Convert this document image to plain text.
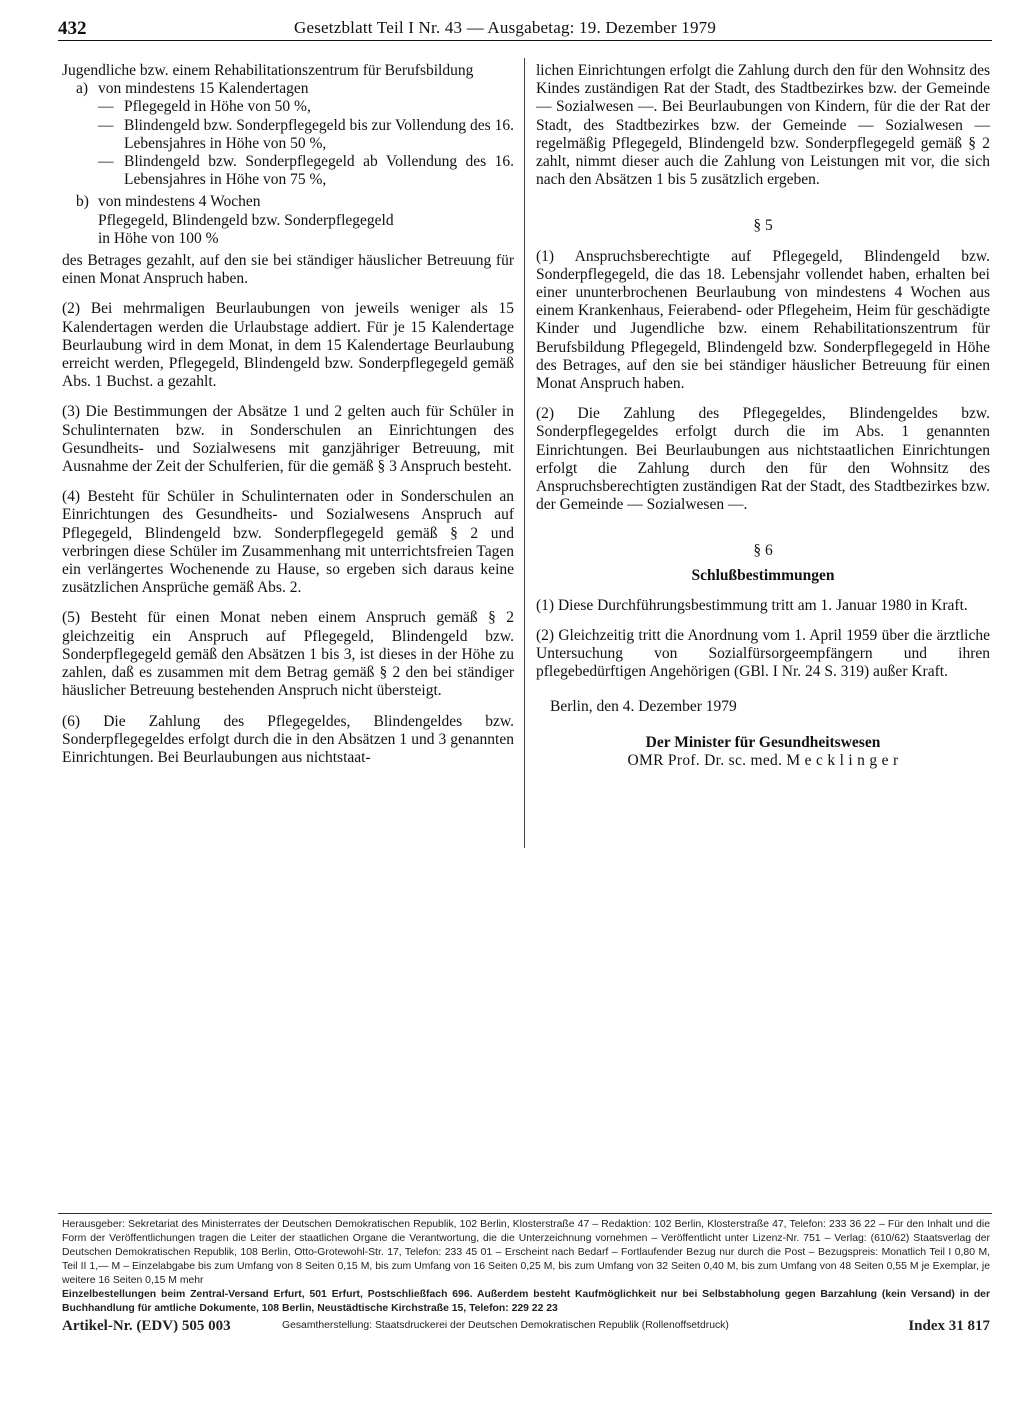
432	Gesetzblatt Teil I Nr. 43 — Ausgabetag: 19. Dezember 1979

Jugendliche bzw. einem Rehabilitationszentrum für Berufsbildung

a) von mindestens 15 Kalendertagen
— Pflegegeld in Höhe von 50 %,
— Blindengeld bzw. Sonderpflegegeld bis zur Vollendung des 16. Lebensjahres in Höhe von 50 %,
— Blindengeld bzw. Sonderpflegegeld ab Vollendung des 16. Lebensjahres in Höhe von 75 %,
b) von mindestens 4 Wochen

Pflegegeld, Blindengeld bzw. Sonderpflegegeld

in Höhe von 100 %

des Betrages gezahlt, auf den sie bei ständiger häuslicher Betreuung für einen Monat Anspruch haben.

(2) Bei mehrmaligen Beurlaubungen von jeweils weniger als 15 Kalendertagen werden die Urlaubstage addiert. Für je 15 Kalendertage Beurlaubung wird in dem Monat, in dem 15 Kalendertage Beurlaubung erreicht werden, Pflegegeld, Blindengeld bzw. Sonderpflegegeld gemäß Abs. 1 Buchst. a gezahlt.

(3) Die Bestimmungen der Absätze 1 und 2 gelten auch für Schüler in Schulinternaten bzw. in Sonderschulen an Einrichtungen des Gesundheits- und Sozialwesens mit ganzjähriger Betreuung, mit Ausnahme der Zeit der Schulferien, für die gemäß § 3 Anspruch besteht.

(4) Besteht für Schüler in Schulinternaten oder in Sonderschulen an Einrichtungen des Gesundheits- und Sozialwesens Anspruch auf Pflegegeld, Blindengeld bzw. Sonderpflegegeld gemäß § 2 und verbringen diese Schüler im Zusammenhang mit unterrichtsfreien Tagen ein verlängertes Wochenende zu Hause, so ergeben sich daraus keine zusätzlichen Ansprüche gemäß Abs. 2.

(5) Besteht für einen Monat neben einem Anspruch gemäß § 2 gleichzeitig ein Anspruch auf Pflegegeld, Blindengeld bzw. Sonderpflegegeld gemäß den Absätzen 1 bis 3, ist dieses in der Höhe zu zahlen, daß es zusammen mit dem Betrag gemäß § 2 den bei ständiger häuslicher Betreuung bestehenden Anspruch nicht übersteigt.

(6) Die Zahlung des Pflegegeldes, Blindengeldes bzw. Sonderpflegegeldes erfolgt durch die in den Absätzen 1 und 3 genannten Einrichtungen. Bei Beurlaubungen aus nichtstaat-

lichen Einrichtungen erfolgt die Zahlung durch den für den Wohnsitz des Kindes zuständigen Rat der Stadt, des Stadtbezirkes bzw. der Gemeinde — Sozialwesen —. Bei Beurlaubungen von Kindern, für die der Rat der Stadt, des Stadtbezirkes bzw. der Gemeinde — Sozialwesen — regelmäßig Pflegegeld, Blindengeld bzw. Sonderpflegegeld gemäß § 2 zahlt, nimmt dieser auch die Zahlung von Leistungen mit vor, die sich nach den Absätzen 1 bis 5 zusätzlich ergeben.

§ 5

(1) Anspruchsberechtigte auf Pflegegeld, Blindengeld bzw. Sonderpflegegeld, die das 18. Lebensjahr vollendet haben, erhalten bei einer ununterbrochenen Beurlaubung von mindestens 4 Wochen aus einem Krankenhaus, Feierabend- oder Pflegeheim, Heim für geschädigte Kinder und Jugendliche bzw. einem Rehabilitationszentrum für Berufsbildung Pflegegeld, Blindengeld bzw. Sonderpflegegeld in Höhe des Betrages, auf den sie bei ständiger häuslicher Betreuung für einen Monat Anspruch haben.

(2) Die Zahlung des Pflegegeldes, Blindengeldes bzw. Sonderpflegegeldes erfolgt durch die im Abs. 1 genannten Einrichtungen. Bei Beurlaubungen aus nichtstaatlichen Einrichtungen erfolgt die Zahlung durch den für den Wohnsitz des Anspruchsberechtigten zuständigen Rat der Stadt, des Stadtbezirkes bzw. der Gemeinde — Sozialwesen —.

§ 6

Schlußbestimmungen

(1) Diese Durchführungsbestimmung tritt am 1. Januar 1980 in Kraft.

(2) Gleichzeitig tritt die Anordnung vom 1. April 1959 über die ärztliche Untersuchung von Sozialfürsorgeempfängern und ihren pflegebedürftigen Angehörigen (GBl. I Nr. 24 S. 319) außer Kraft.

Berlin, den 4. Dezember 1979

Der Minister für Gesundheitswesen

OMR Prof. Dr. sc. med. M e c k l i n g e r

Herausgeber: Sekretariat des Ministerrates der Deutschen Demokratischen Republik, 102 Berlin, Klosterstraße 47 – Redaktion: 102 Berlin, Klosterstraße 47, Telefon: 233 36 22 – Für den Inhalt und die Form der Veröffentlichungen tragen die Leiter der staatlichen Organe die Verantwortung, die die Unterzeichnung vornehmen – Veröffentlicht unter Lizenz-Nr. 751 – Verlag: (610/62) Staatsverlag der Deutschen Demokratischen Republik, 108 Berlin, Otto-Grotewohl-Str. 17, Telefon: 233 45 01 – Erscheint nach Bedarf – Fortlaufender Bezug nur durch die Post – Bezugspreis: Monatlich Teil I 0,80 M, Teil II 1,— M – Einzelabgabe bis zum Umfang von 8 Seiten 0,15 M, bis zum Umfang von 16 Seiten 0,25 M, bis zum Umfang von 32 Seiten 0,40 M, bis zum Umfang von 48 Seiten 0,55 M je Exemplar, je weitere 16 Seiten 0,15 M mehr

Einzelbestellungen beim Zentral-Versand Erfurt, 501 Erfurt, Postschließfach 696. Außerdem besteht Kaufmöglichkeit nur bei Selbstabholung gegen Barzahlung (kein Versand) in der Buchhandlung für amtliche Dokumente, 108 Berlin, Neustädtische Kirchstraße 15, Telefon: 229 22 23

Artikel-Nr. (EDV) 505 003	Gesamtherstellung: Staatsdruckerei der Deutschen Demokratischen Republik (Rollenoffsetdruck)	Index 31 817
